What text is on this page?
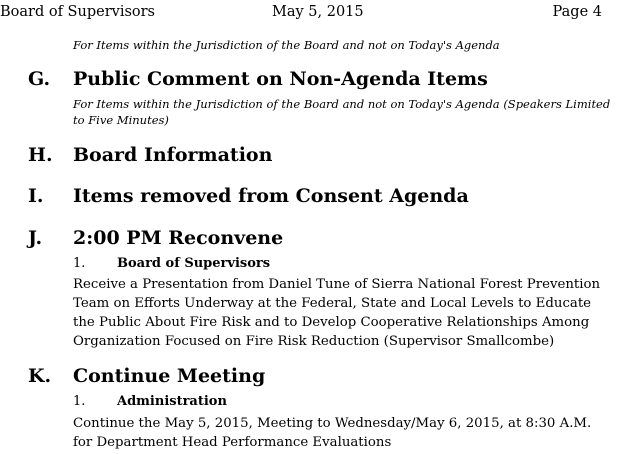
Board of Supervisors	May 5, 2015	Page 4
For Items within the Jurisdiction of the Board and not on Today's Agenda
G. Public Comment on Non-Agenda Items
For Items within the Jurisdiction of the Board and not on Today's Agenda (Speakers Limited to Five Minutes)
H. Board Information
I. Items removed from Consent Agenda
J. 2:00 PM Reconvene
1. Board of Supervisors
Receive a Presentation from Daniel Tune of Sierra National Forest Prevention Team on Efforts Underway at the Federal, State and Local Levels to Educate the Public About Fire Risk and to Develop Cooperative Relationships Among Organization Focused on Fire Risk Reduction (Supervisor Smallcombe)
K. Continue Meeting
1. Administration
Continue the May 5, 2015, Meeting to Wednesday/May 6, 2015, at 8:30 A.M. for Department Head Performance Evaluations
